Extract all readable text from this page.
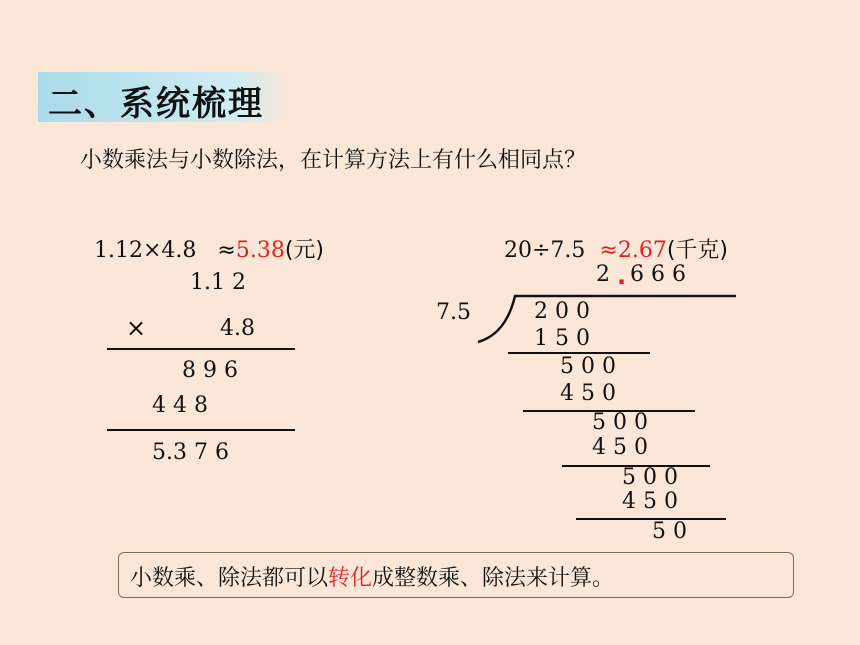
二、系统梳理
小数乘法与小数除法，在计算方法上有什么相同点？

1.12×4.8 ≈5.38(元)	20÷7.5 ≈2.67(千克)

1.1 2
×	4.8
8 9 6
4 4 8
5.3 7 6
2 . 6 6 6
7.5	2 0 0
1 5 0
5 0 0
4 5 0
5 0 0
4 5 0
5 0 0
4 5 0
5 0
小数乘、除法都可以转化成整数乘、除法来计算。
